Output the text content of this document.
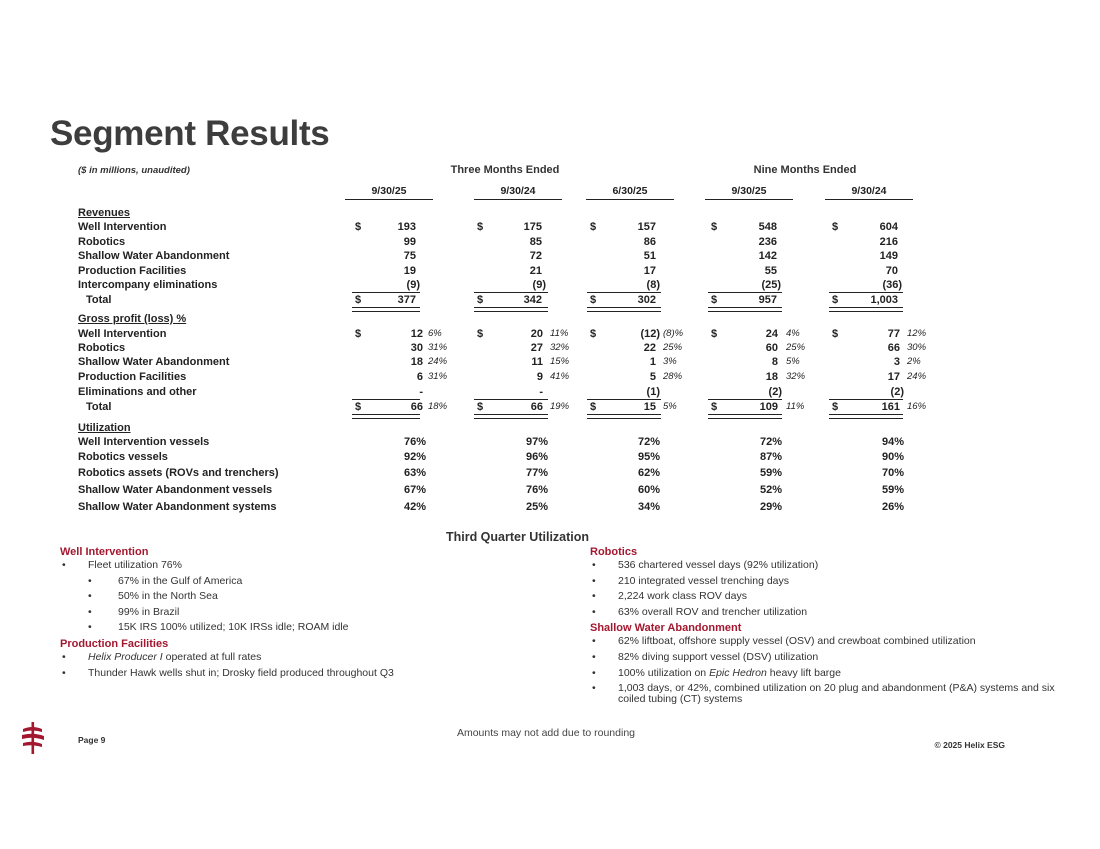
Segment Results
($ in millions, unaudited)	Three Months Ended	Nine Months Ended
9/30/25	9/30/24	6/30/25	9/30/25	9/30/24
Revenues
Well Intervention	$	193	$	175	$	157	$	548	$	604
Robotics	99	85	86	236	216
Shallow Water Abandonment	75	72	51	142	149
Production Facilities	19	21	17	55	70
Intercompany eliminations	(9)	(9)	(8)	(25)	(36)
Total	$	377	$	342	$	302	$	957	$	1,003
Gross profit (loss) %
Well Intervention	$	12 6%	$	20 11% $	(12) (8)%	$	24 4%	$	77 12%
Robotics	30 31%	27 32%	22 25%	60 25%	66 30%
Shallow Water Abandonment	18 24%	11 15%	1 3%	8 5%	3 2%
Production Facilities	6 31%	9 41%	5 28%	18 32%	17 24%
Eliminations and other	-	-	(1)	(2)	(2)
Total	$	66 18%	$	66 19% $	15 5%	$	109 11%	$	161 16%
Utilization
Well Intervention vessels	76%	97%	72%	72%	94%
Robotics vessels	92%	96%	95%	87%	90%
Robotics assets (ROVs and trenchers)	63%	77%	62%	59%	70%
Shallow Water Abandonment vessels	67%	76%	60%	52%	59%
Shallow Water Abandonment systems	42%	25%	34%	29%	26%
Third Quarter Utilization
Well Intervention
• Fleet utilization 76%
• 67% in the Gulf of America
• 50% in the North Sea
• 99% in Brazil
• 15K IRS 100% utilized; 10K IRSs idle; ROAM idle
Production Facilities
• Helix Producer I operated at full rates
• Thunder Hawk wells shut in; Drosky field produced throughout Q3
Robotics
• 536 chartered vessel days (92% utilization)
• 210 integrated vessel trenching days
• 2,224 work class ROV days
• 63% overall ROV and trencher utilization
Shallow Water Abandonment
• 62% liftboat, offshore supply vessel (OSV) and crewboat combined utilization
• 82% diving support vessel (DSV) utilization
• 100% utilization on Epic Hedron heavy lift barge
• 1,003 days, or 42%, combined utilization on 20 plug and abandonment (P&A) systems and six coiled tubing (CT) systems
Amounts may not add due to rounding
Page 9	© 2025 Helix ESG
